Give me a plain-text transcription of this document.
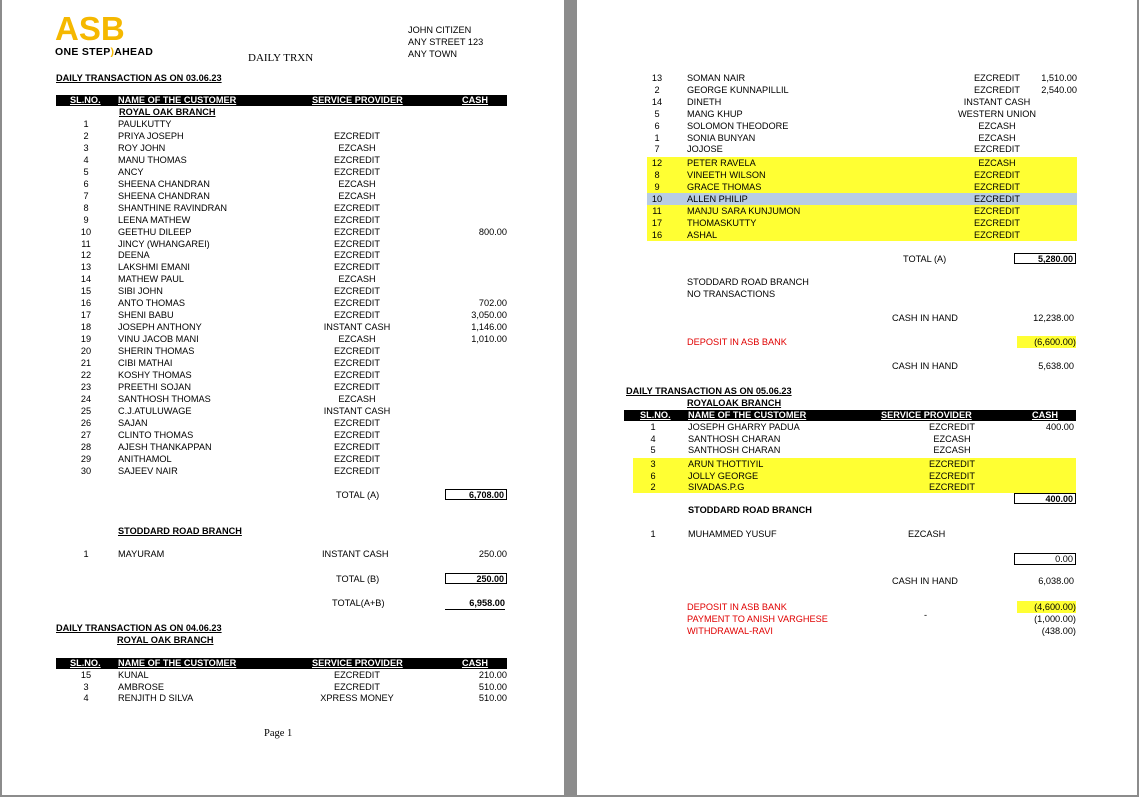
ASB
ONE STEP)AHEAD	DAILY TRXN
JOHN CITIZEN
ANY STREET 123
ANY TOWN
DAILY TRANSACTION AS ON 03.06.23
SL.NO. NAME OF THE CUSTOMER	SERVICE PROVIDER	CASH
ROYAL OAK BRANCH
1	PAULKUTTY
2	PRIYA JOSEPH	EZCREDIT
3	ROY JOHN	EZCASH
4	MANU THOMAS	EZCREDIT
5	ANCY	EZCREDIT
6	SHEENA CHANDRAN	EZCASH
7	SHEENA CHANDRAN	EZCASH
8	SHANTHINE RAVINDRAN	EZCREDIT
9	LEENA MATHEW	EZCREDIT
10	GEETHU DILEEP	EZCREDIT	800.00
11	JINCY (WHANGAREI)	EZCREDIT
12	DEENA	EZCREDIT
13	LAKSHMI EMANI	EZCREDIT
14	MATHEW PAUL	EZCASH
15	SIBI JOHN	EZCREDIT
16	ANTO THOMAS	EZCREDIT	702.00
17	SHENI BABU	EZCREDIT	3,050.00
18	JOSEPH ANTHONY	INSTANT CASH	1,146.00
19	VINU JACOB MANI	EZCASH	1,010.00
20	SHERIN THOMAS	EZCREDIT
21	CIBI MATHAI	EZCREDIT
22	KOSHY THOMAS	EZCREDIT
23	PREETHI SOJAN	EZCREDIT
24	SANTHOSH THOMAS	EZCASH
25	C.J.ATULUWAGE	INSTANT CASH
26	SAJAN	EZCREDIT
27	CLINTO THOMAS	EZCREDIT
28	AJESH THANKAPPAN	EZCREDIT
29	ANITHAMOL	EZCREDIT
30	SAJEEV NAIR	EZCREDIT
TOTAL (A)	6,708.00
STODDARD ROAD BRANCH
1	MAYURAM	INSTANT CASH	250.00
TOTAL (B)	250.00
TOTAL(A+B)	6,958.00
DAILY TRANSACTION AS ON 04.06.23
ROYAL OAK BRANCH
SL.NO. NAME OF THE CUSTOMER	SERVICE PROVIDER	CASH
15	KUNAL	EZCREDIT	210.00
3	AMBROSE	EZCREDIT	510.00
4	RENJITH D SILVA	XPRESS MONEY	510.00
Page 1
13	SOMAN NAIR	EZCREDIT	1,510.00
2	GEORGE KUNNAPILLIL	EZCREDIT	2,540.00
14	DINETH	INSTANT CASH
5	MANG KHUP	WESTERN UNION
6	SOLOMON THEODORE	EZCASH
1	SONIA BUNYAN	EZCASH
7	JOJOSE	EZCREDIT
12	PETER RAVELA	EZCASH
8	VINEETH WILSON	EZCREDIT
9	GRACE THOMAS	EZCREDIT
10	ALLEN PHILIP	EZCREDIT
11	MANJU SARA KUNJUMON	EZCREDIT
17	THOMASKUTTY	EZCREDIT
16	ASHAL	EZCREDIT
TOTAL (A)	5,280.00
STODDARD ROAD BRANCH
NO TRANSACTIONS
CASH IN HAND	12,238.00
DEPOSIT IN ASB BANK	(6,600.00)
CASH IN HAND	5,638.00
DAILY TRANSACTION AS ON 05.06.23
ROYALOAK BRANCH
SL.NO. NAME OF THE CUSTOMER	SERVICE PROVIDER	CASH
1	JOSEPH GHARRY PADUA	EZCREDIT	400.00
4	SANTHOSH CHARAN	EZCASH
5	SANTHOSH CHARAN	EZCASH
3	ARUN THOTTIYIL	EZCREDIT
6	JOLLY GEORGE	EZCREDIT
2	SIVADAS.P.G	EZCREDIT
400.00
STODDARD ROAD BRANCH
1	MUHAMMED YUSUF	EZCASH
0.00
CASH IN HAND	6,038.00
DEPOSIT IN ASB BANK	(4,600.00)
-
PAYMENT TO ANISH VARGHESE	(1,000.00)
WITHDRAWAL-RAVI	(438.00)
